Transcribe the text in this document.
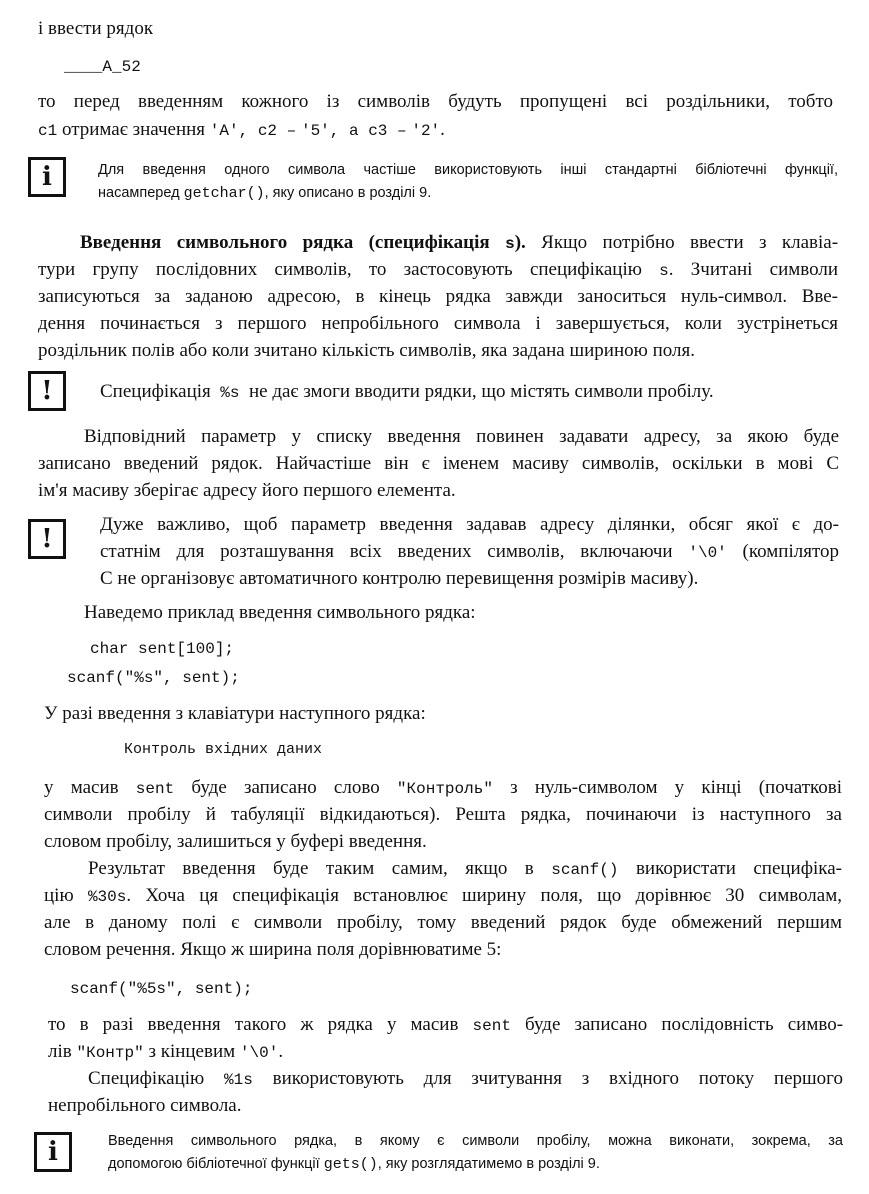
і ввести рядок
____A_52
то перед введенням кожного із символів будуть пропущені всі роздільники, тобто
c1 отримає значення 'A', c2 – '5', а c3 – '2'.
і	Для введення одного символа частіше використовують інші стандартні бібліотечні функції,
насамперед getchar(), яку описано в розділі 9.
Введення символьного рядка (специфікація s). Якщо потрібно ввести з клавіа-
тури групу послідовних символів, то застосовують специфікацію s. Зчитані символи
записуються за заданою адресою, в кінець рядка завжди заноситься нуль-символ. Вве-
дення починається з першого непробільного символа і завершується, коли зустрінеться
роздільник полів або коли зчитано кількість символів, яка задана шириною поля.
!	Специфікація %s не дає змоги вводити рядки, що містять символи пробілу.
Відповідний параметр у списку введення повинен задавати адресу, за якою буде
записано введений рядок. Найчастіше він є іменем масиву символів, оскільки в мові C
ім'я масиву зберігає адресу його першого елемента.
!	Дуже важливо, щоб параметр введення задавав адресу ділянки, обсяг якої є до-
статнім для розташування всіх введених символів, включаючи '\0' (компілятор
C не організовує автоматичного контролю перевищення розмірів масиву).
Наведемо приклад введення символьного рядка:
char sent[100];
scanf("%s", sent);
У разі введення з клавіатури наступного рядка:
Контроль вхідних даних
у масив sent буде записано слово "Контроль" з нуль-символом у кінці (початкові
символи пробілу й табуляції відкидаються). Решта рядка, починаючи із наступного за
словом пробілу, залишиться у буфері введення.
Результат введення буде таким самим, якщо в scanf() використати специфіка-
цію %30s. Хоча ця специфікація встановлює ширину поля, що дорівнює 30 символам,
але в даному полі є символи пробілу, тому введений рядок буде обмежений першим
словом речення. Якщо ж ширина поля дорівнюватиме 5:
scanf("%5s", sent);
то в разі введення такого ж рядка у масив sent буде записано послідовність симво-
лів "Контр" з кінцевим '\0'.
Специфікацію %1s використовують для зчитування з вхідного потоку першого
непробільного символа.
і	Введення символьного рядка, в якому є символи пробілу, можна виконати, зокрема, за
допомогою бібліотечної функції gets(), яку розглядатимемо в розділі 9.
